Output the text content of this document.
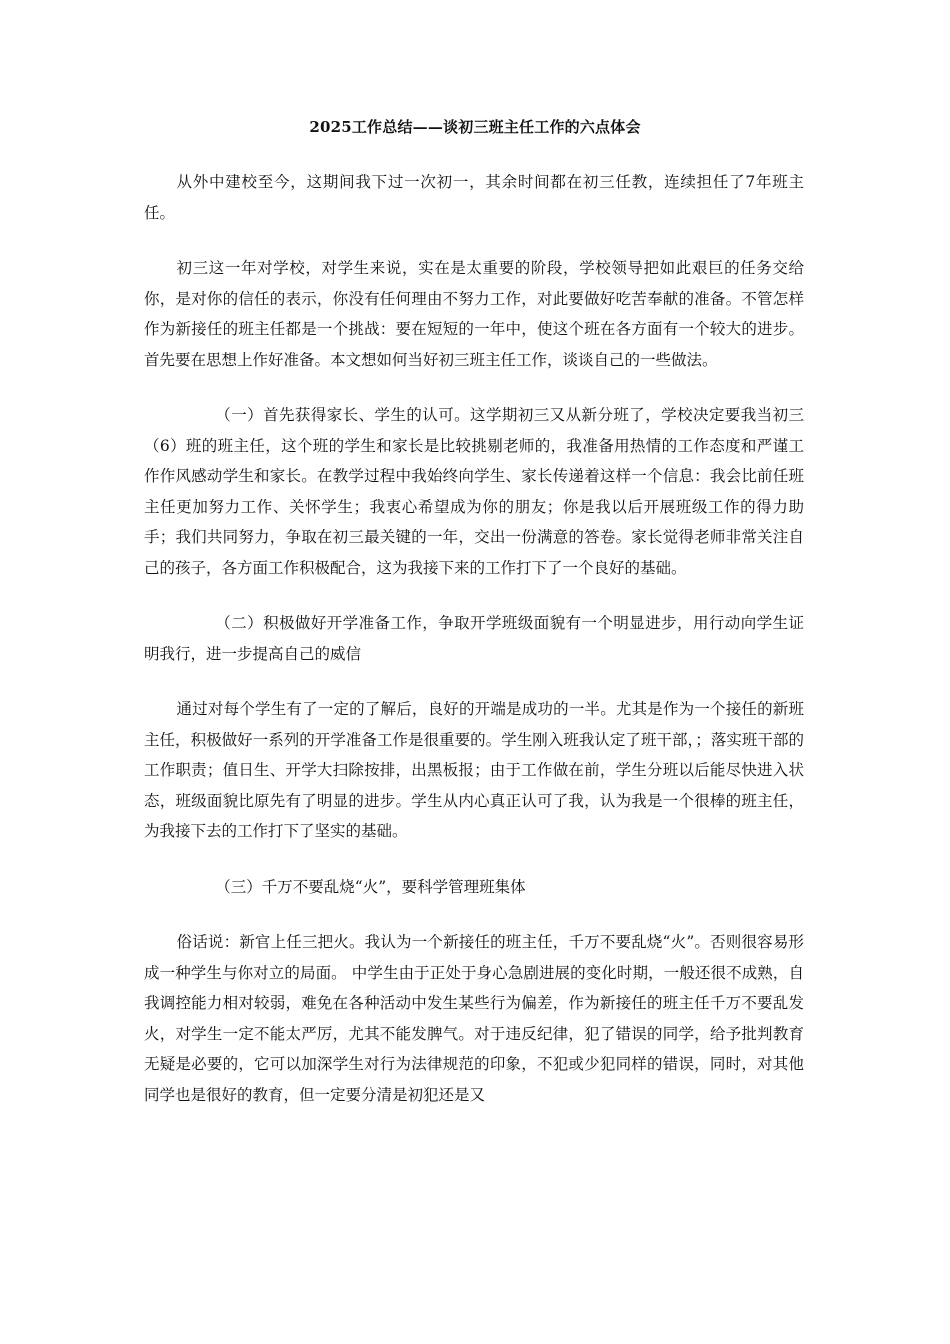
2025工作总结——谈初三班主任工作的六点体会

从外中建校至今，这期间我下过一次初一，其余时间都在初三任教，连续担任了7年班主任。

初三这一年对学校，对学生来说，实在是太重要的阶段，学校领导把如此艰巨的任务交给你，是对你的信任的表示，你没有任何理由不努力工作，对此要做好吃苦奉献的准备。不管怎样作为新接任的班主任都是一个挑战：要在短短的一年中，使这个班在各方面有一个较大的进步。首先要在思想上作好准备。本文想如何当好初三班主任工作，谈谈自己的一些做法。

（一）首先获得家长、学生的认可。这学期初三又从新分班了，学校决定要我当初三（6）班的班主任，这个班的学生和家长是比较挑剔老师的，我准备用热情的工作态度和严谨工作作风感动学生和家长。在教学过程中我始终向学生、家长传递着这样一个信息：我会比前任班主任更加努力工作、关怀学生；我衷心希望成为你的朋友；你是我以后开展班级工作的得力助手；我们共同努力，争取在初三最关键的一年，交出一份满意的答卷。家长觉得老师非常关注自己的孩子，各方面工作积极配合，这为我接下来的工作打下了一个良好的基础。

（二）积极做好开学准备工作，争取开学班级面貌有一个明显进步，用行动向学生证明我行，进一步提高自己的威信

通过对每个学生有了一定的了解后，良好的开端是成功的一半。尤其是作为一个接任的新班主任，积极做好一系列的开学准备工作是很重要的。学生刚入班我认定了班干部，；落实班干部的工作职责；值日生、开学大扫除按排，出黑板报；由于工作做在前，学生分班以后能尽快进入状态，班级面貌比原先有了明显的进步。学生从内心真正认可了我，认为我是一个很棒的班主任，为我接下去的工作打下了坚实的基础。

（三）千万不要乱烧“火”，要科学管理班集体

俗话说：新官上任三把火。我认为一个新接任的班主任，千万不要乱烧“火”。否则很容易形成一种学生与你对立的局面。 中学生由于正处于身心急剧进展的变化时期，一般还很不成熟，自我调控能力相对较弱，难免在各种活动中发生某些行为偏差，作为新接任的班主任千万不要乱发火，对学生一定不能太严厉，尤其不能发脾气。对于违反纪律，犯了错误的同学，给予批判教育无疑是必要的，它可以加深学生对行为法律规范的印象，不犯或少犯同样的错误，同时，对其他同学也是很好的教育，但一定要分清是初犯还是又
